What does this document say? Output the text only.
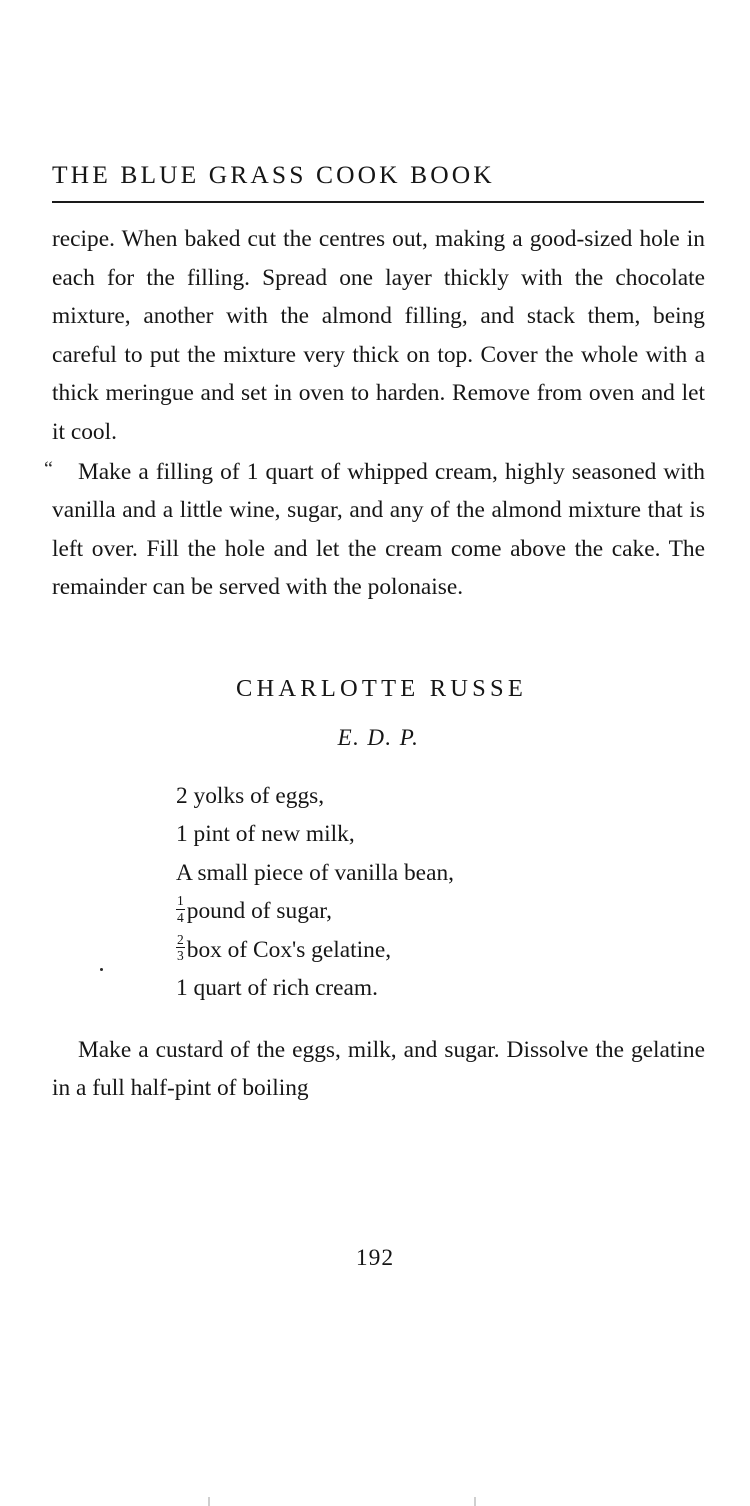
THE BLUE GRASS COOK BOOK

recipe. When baked cut the centres out, making a good-sized hole in each for the filling. Spread one layer thickly with the chocolate mixture, another with the almond filling, and stack them, being careful to put the mixture very thick on top. Cover the whole with a thick meringue and set in oven to harden. Remove from oven and let it cool.

Make a filling of 1 quart of whipped cream, highly seasoned with vanilla and a little wine, sugar, and any of the almond mixture that is left over. Fill the hole and let the cream come above the cake. The remainder can be served with the polonaise.

CHARLOTTE RUSSE
E. D. P.
2 yolks of eggs,
1 pint of new milk,
A small piece of vanilla bean,
$\frac{1}{4}$ pound of sugar,
$\frac{2}{3}$ box of Cox's gelatine,
1 quart of rich cream.

Make a custard of the eggs, milk, and sugar. Dissolve the gelatine in a full half-pint of boiling

“
192
